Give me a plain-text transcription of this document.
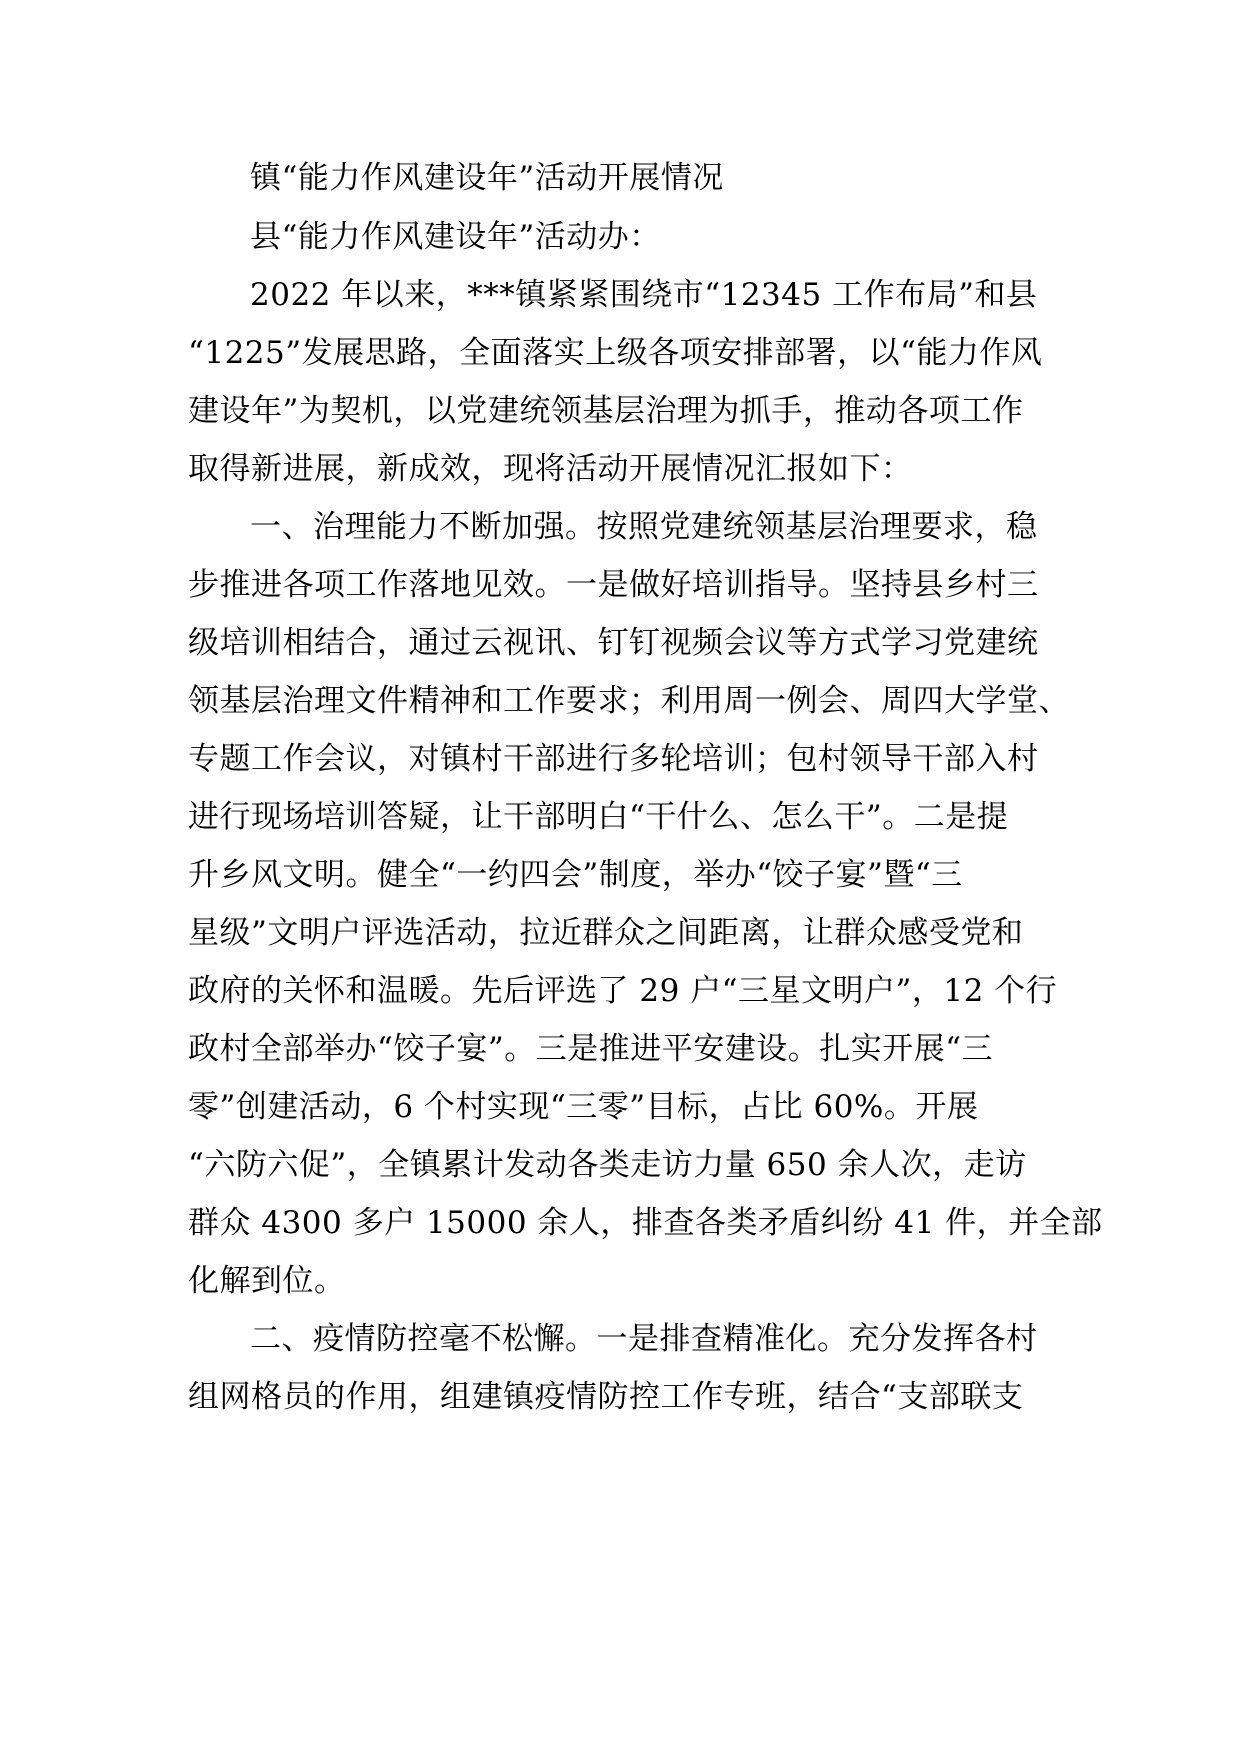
镇“能力作风建设年”活动开展情况
县“能力作风建设年”活动办：
2022 年以来，***镇紧紧围绕市“12345 工作布局”和县
“1225”发展思路，全面落实上级各项安排部署，以“能力作风
建设年”为契机，以党建统领基层治理为抓手，推动各项工作
取得新进展，新成效，现将活动开展情况汇报如下：
一、治理能力不断加强。按照党建统领基层治理要求，稳
步推进各项工作落地见效。一是做好培训指导。坚持县乡村三
级培训相结合，通过云视讯、钉钉视频会议等方式学习党建统
领基层治理文件精神和工作要求；利用周一例会、周四大学堂、
专题工作会议，对镇村干部进行多轮培训；包村领导干部入村
进行现场培训答疑，让干部明白“干什么、怎么干”。二是提
升乡风文明。健全“一约四会”制度，举办“饺子宴”暨“三
星级”文明户评选活动，拉近群众之间距离，让群众感受党和
政府的关怀和温暖。先后评选了 29 户“三星文明户”，12 个行
政村全部举办“饺子宴”。三是推进平安建设。扎实开展“三
零”创建活动，6 个村实现“三零”目标，占比 60%。开展
“六防六促”，全镇累计发动各类走访力量 650 余人次，走访
群众 4300 多户 15000 余人，排查各类矛盾纠纷 41 件，并全部
化解到位。
二、疫情防控毫不松懈。一是排查精准化。充分发挥各村
组网格员的作用，组建镇疫情防控工作专班，结合“支部联支
